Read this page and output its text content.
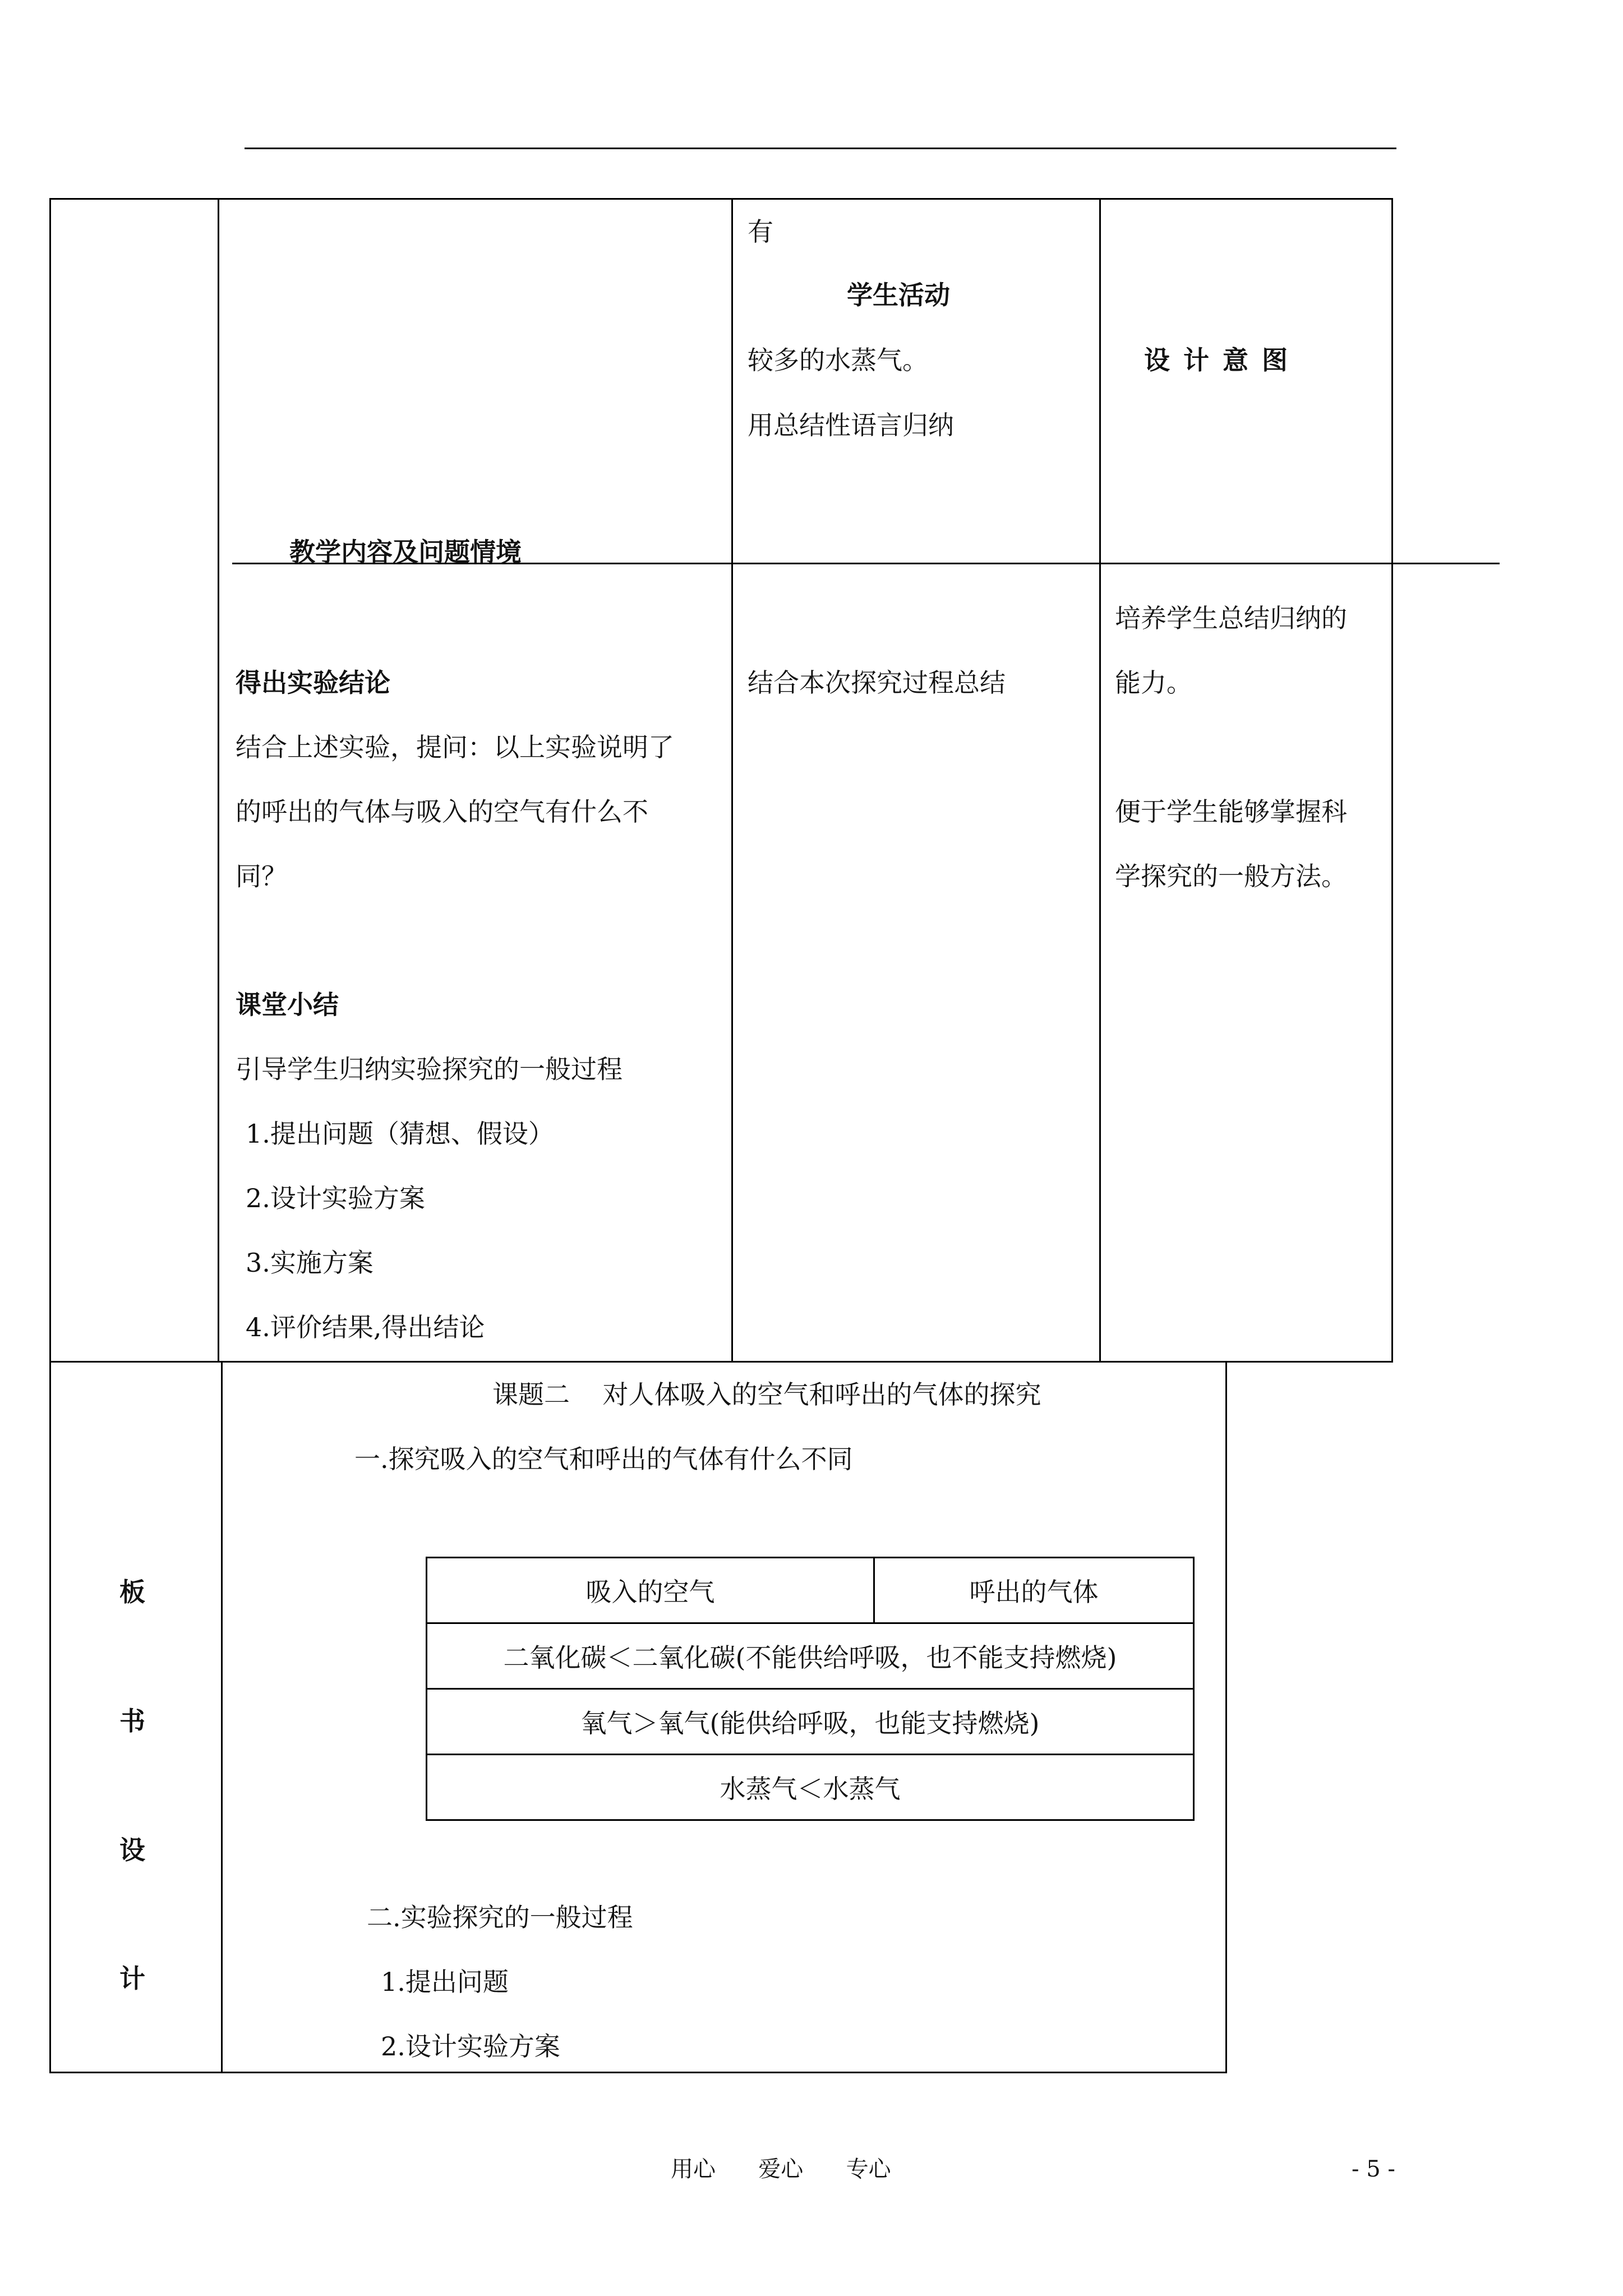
有
学生活动
较多的水蒸气。
用总结性语言归纳
结合本次探究过程总结
设 计 意 图
培养学生总结归纳的
能力。
便于学生能够掌握科
学探究的一般方法。
教学内容及问题情境
得出实验结论
结合上述实验，提问：以上实验说明了
的呼出的气体与吸入的空气有什么不
同？
课堂小结
引导学生归纳实验探究的一般过程
1.提出问题（猜想、假设）
2.设计实验方案
3.实施方案
4.评价结果,得出结论
板
书
设
计
课题二    对人体吸入的空气和呼出的气体的探究
一.探究吸入的空气和呼出的气体有什么不同
吸入的空气	呼出的气体
二氧化碳＜二氧化碳(不能供给呼吸，也不能支持燃烧)
氧气＞氧气(能供给呼吸，也能支持燃烧)
水蒸气＜水蒸气
二.实验探究的一般过程
1.提出问题
2.设计实验方案
用心      爱心      专心	- 5 -
